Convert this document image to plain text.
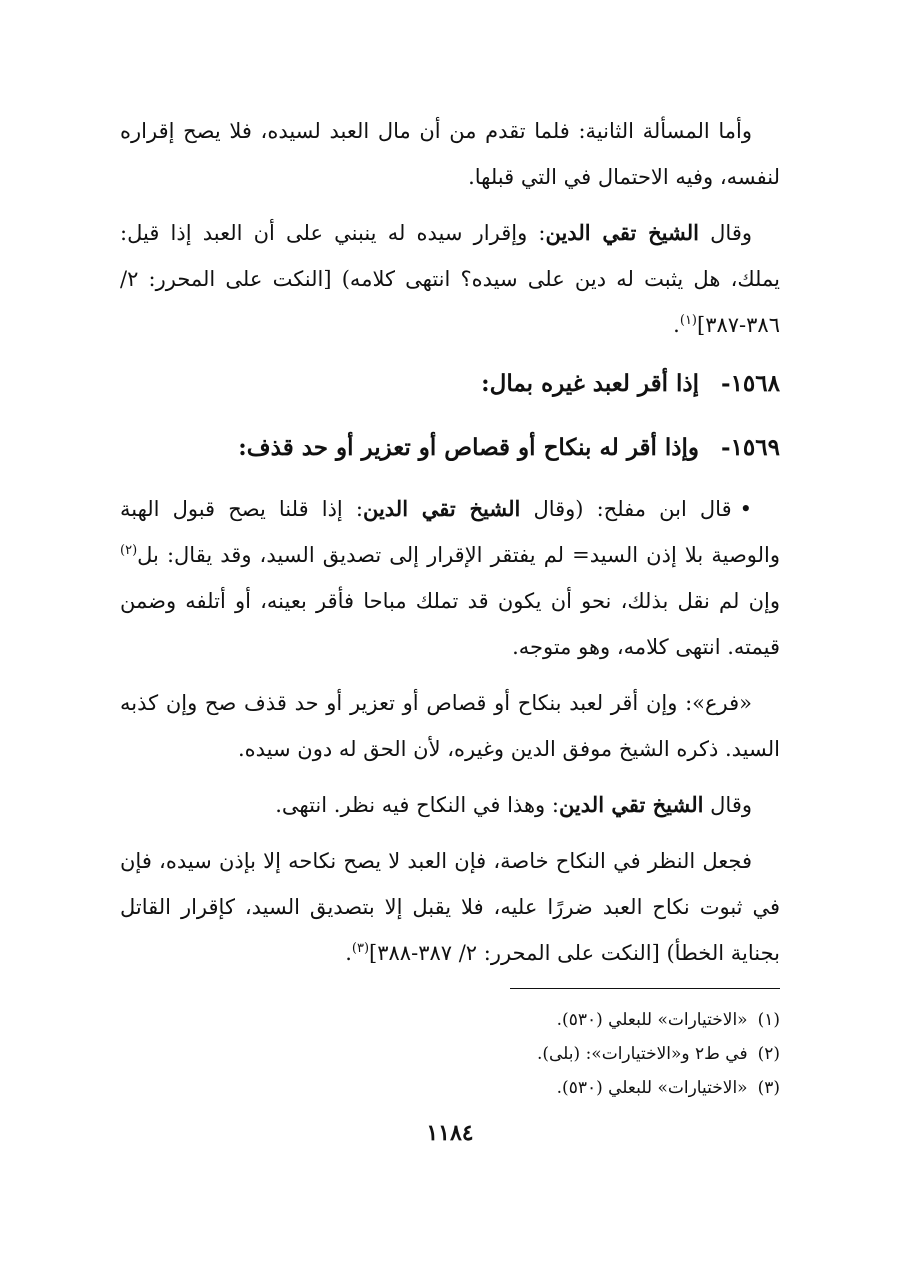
وأما المسألة الثانية: فلما تقدم من أن مال العبد لسيده، فلا يصح إقراره لنفسه، وفيه الاحتمال في التي قبلها.

وقال الشيخ تقي الدين: وإقرار سيده له ينبني على أن العبد إذا قيل: يملك، هل يثبت له دين على سيده؟ انتهى كلامه) [النكت على المحرر: ٢/ ٣٨٦-٣٨٧]$^{(١)}$.

١٥٦٨-إذا أقر لعبد غيره بمال:

١٥٦٩-وإذا أقر له بنكاح أو قصاص أو تعزير أو حد قذف:

•قال ابن مفلح: (وقال الشيخ تقي الدين: إذا قلنا يصح قبول الهبة والوصية بلا إذن السيد= لم يفتقر الإقرار إلى تصديق السيد، وقد يقال: بل$^{(٢)}$ وإن لم نقل بذلك، نحو أن يكون قد تملك مباحا فأقر بعينه، أو أتلفه وضمن قيمته. انتهى كلامه، وهو متوجه.

«فرع»: وإن أقر لعبد بنكاح أو قصاص أو تعزير أو حد قذف صح وإن كذبه السيد. ذكره الشيخ موفق الدين وغيره، لأن الحق له دون سيده.

وقال الشيخ تقي الدين: وهذا في النكاح فيه نظر. انتهى.

فجعل النظر في النكاح خاصة، فإن العبد لا يصح نكاحه إلا بإذن سيده، فإن في ثبوت نكاح العبد ضررًا عليه، فلا يقبل إلا بتصديق السيد، كإقرار القاتل بجناية الخطأ) [النكت على المحرر: ٢/ ٣٨٧-٣٨٨]$^{(٣)}$.

(١)«الاختيارات» للبعلي (٥٣٠).

(٢)في ط٢ و«الاختيارات»: (بلى).

(٣)«الاختيارات» للبعلي (٥٣٠).

١١٨٤
